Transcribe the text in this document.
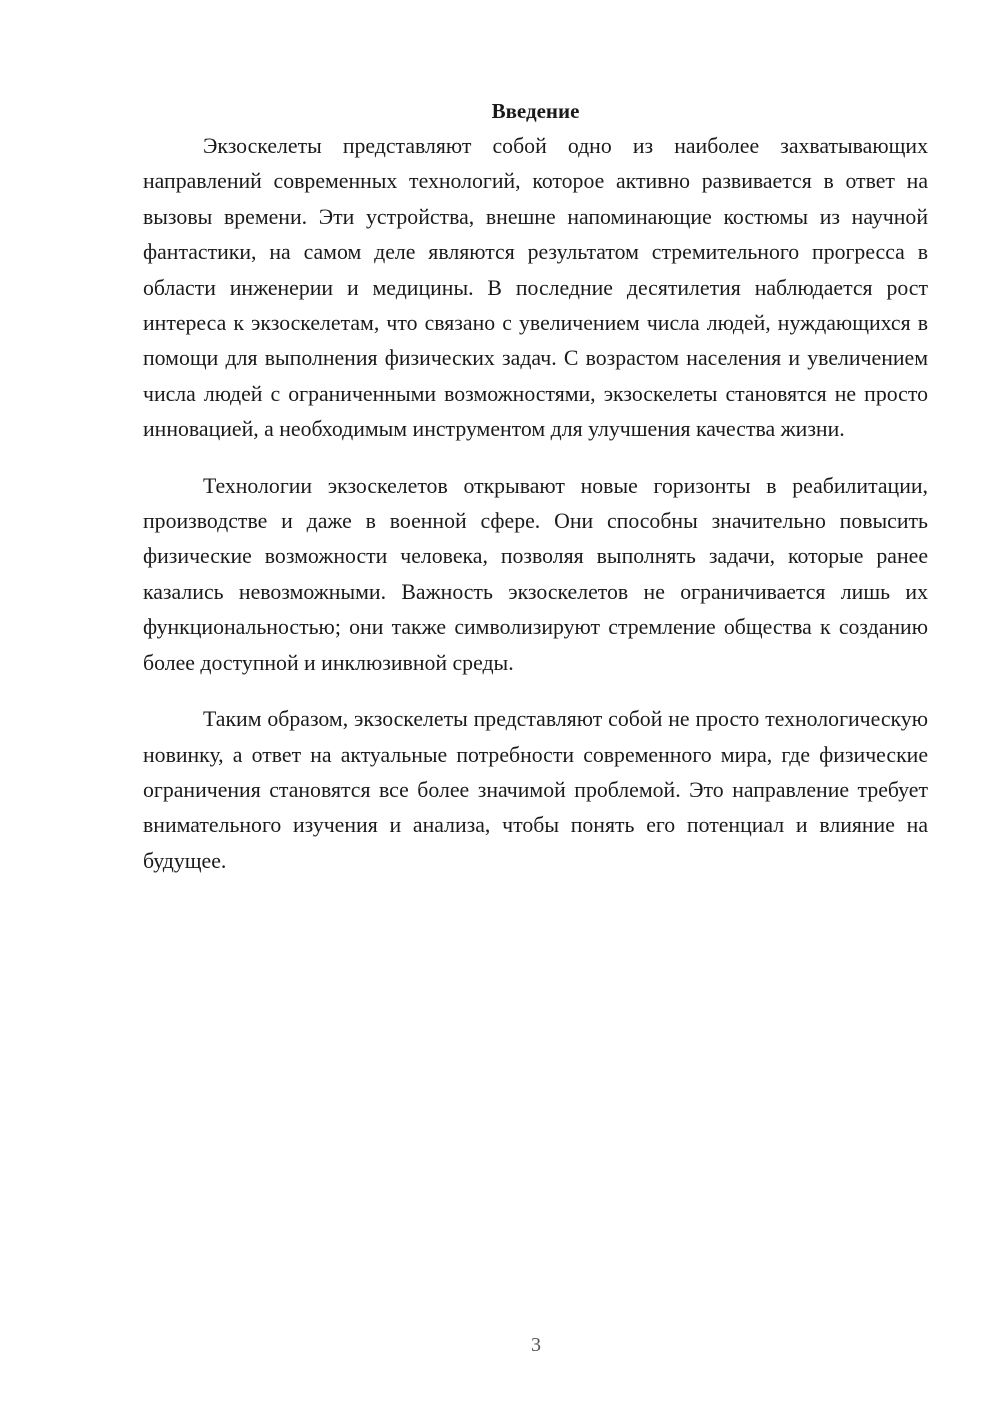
Введение

Экзоскелеты представляют собой одно из наиболее захватывающих направлений современных технологий, которое активно развивается в ответ на вызовы времени. Эти устройства, внешне напоминающие костюмы из научной фантастики, на самом деле являются результатом стремительного прогресса в области инженерии и медицины. В последние десятилетия наблюдается рост интереса к экзоскелетам, что связано с увеличением числа людей, нуждающихся в помощи для выполнения физических задач. С возрастом населения и увеличением числа людей с ограниченными возможностями, экзоскелеты становятся не просто инновацией, а необходимым инструментом для улучшения качества жизни.

Технологии экзоскелетов открывают новые горизонты в реабилитации, производстве и даже в военной сфере. Они способны значительно повысить физические возможности человека, позволяя выполнять задачи, которые ранее казались невозможными. Важность экзоскелетов не ограничивается лишь их функциональностью; они также символизируют стремление общества к созданию более доступной и инклюзивной среды.

Таким образом, экзоскелеты представляют собой не просто технологическую новинку, а ответ на актуальные потребности современного мира, где физические ограничения становятся все более значимой проблемой. Это направление требует внимательного изучения и анализа, чтобы понять его потенциал и влияние на будущее.

3
